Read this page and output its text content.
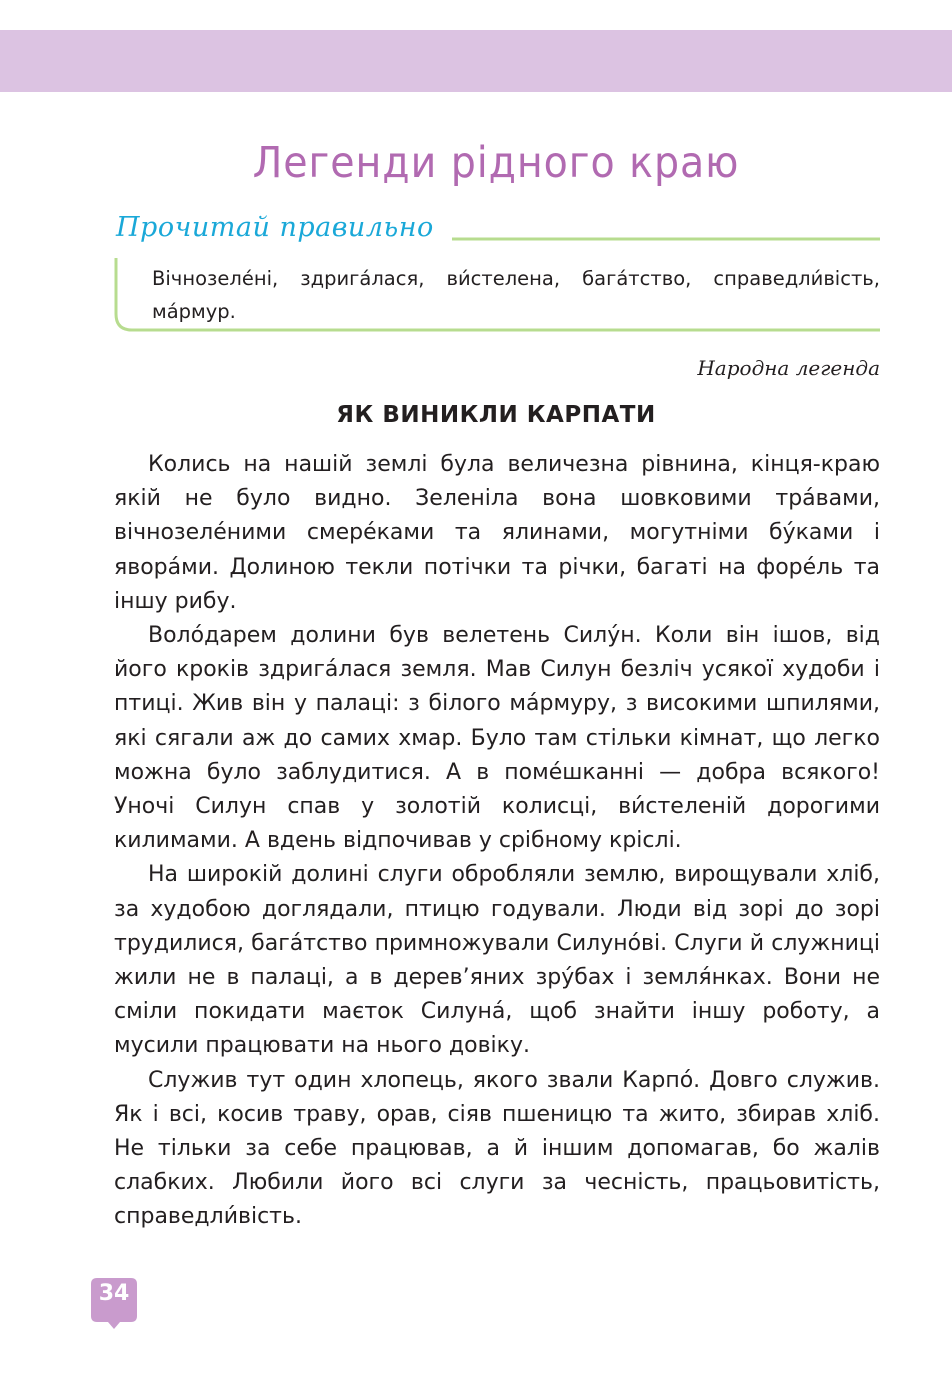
Легенди рідного краю
Прочитай правильно

Вічнозеле́ні, здрига́лася, ви́стелена, бага́тство, справедли́вість, ма́рмур.

Народна легенда

ЯК ВИНИКЛИ КАРПАТИ

Колись на нашій землі була величезна рівнина, кінця-краю якій не було видно. Зеленіла вона шовковими тра́вами, вічнозеле́ними смере́ками та ялинами, могутніми бу́ками і явора́ми. Долиною текли потічки та річки, багаті на форе́ль та іншу рибу.

Воло́дарем долини був велетень Силу́н. Коли він ішов, від його кроків здрига́лася земля. Мав Силун безліч усякої худоби і птиці. Жив він у палаці: з білого ма́рмуру, з високими шпилями, які сягали аж до самих хмар. Було там стільки кімнат, що легко можна було заблудитися. А в помéшканні — добра всякого! Уночі Силун спав у золотій колисці, ви́стеленій дорогими килимами. А вдень відпочивав у срібному кріслі.

На широкій долині слуги обробляли землю, вирощували хліб, за худобою доглядали, птицю годували. Люди від зорі до зорі трудилися, бага́тство примножували Силуно́ві. Слуги й служниці жили не в палаці, а в дерев’яних зру́бах і земля́нках. Вони не сміли покидати маєток Силуна́, щоб знайти іншу роботу, а мусили працювати на нього довіку.

Служив тут один хлопець, якого звали Карпо́. Довго служив. Як і всі, косив траву, орав, сіяв пшеницю та жито, збирав хліб. Не тільки за себе працював, а й іншим допомагав, бо жалів слабких. Любили його всі слуги за чесність, працьовитість, справедли́вість.

34
